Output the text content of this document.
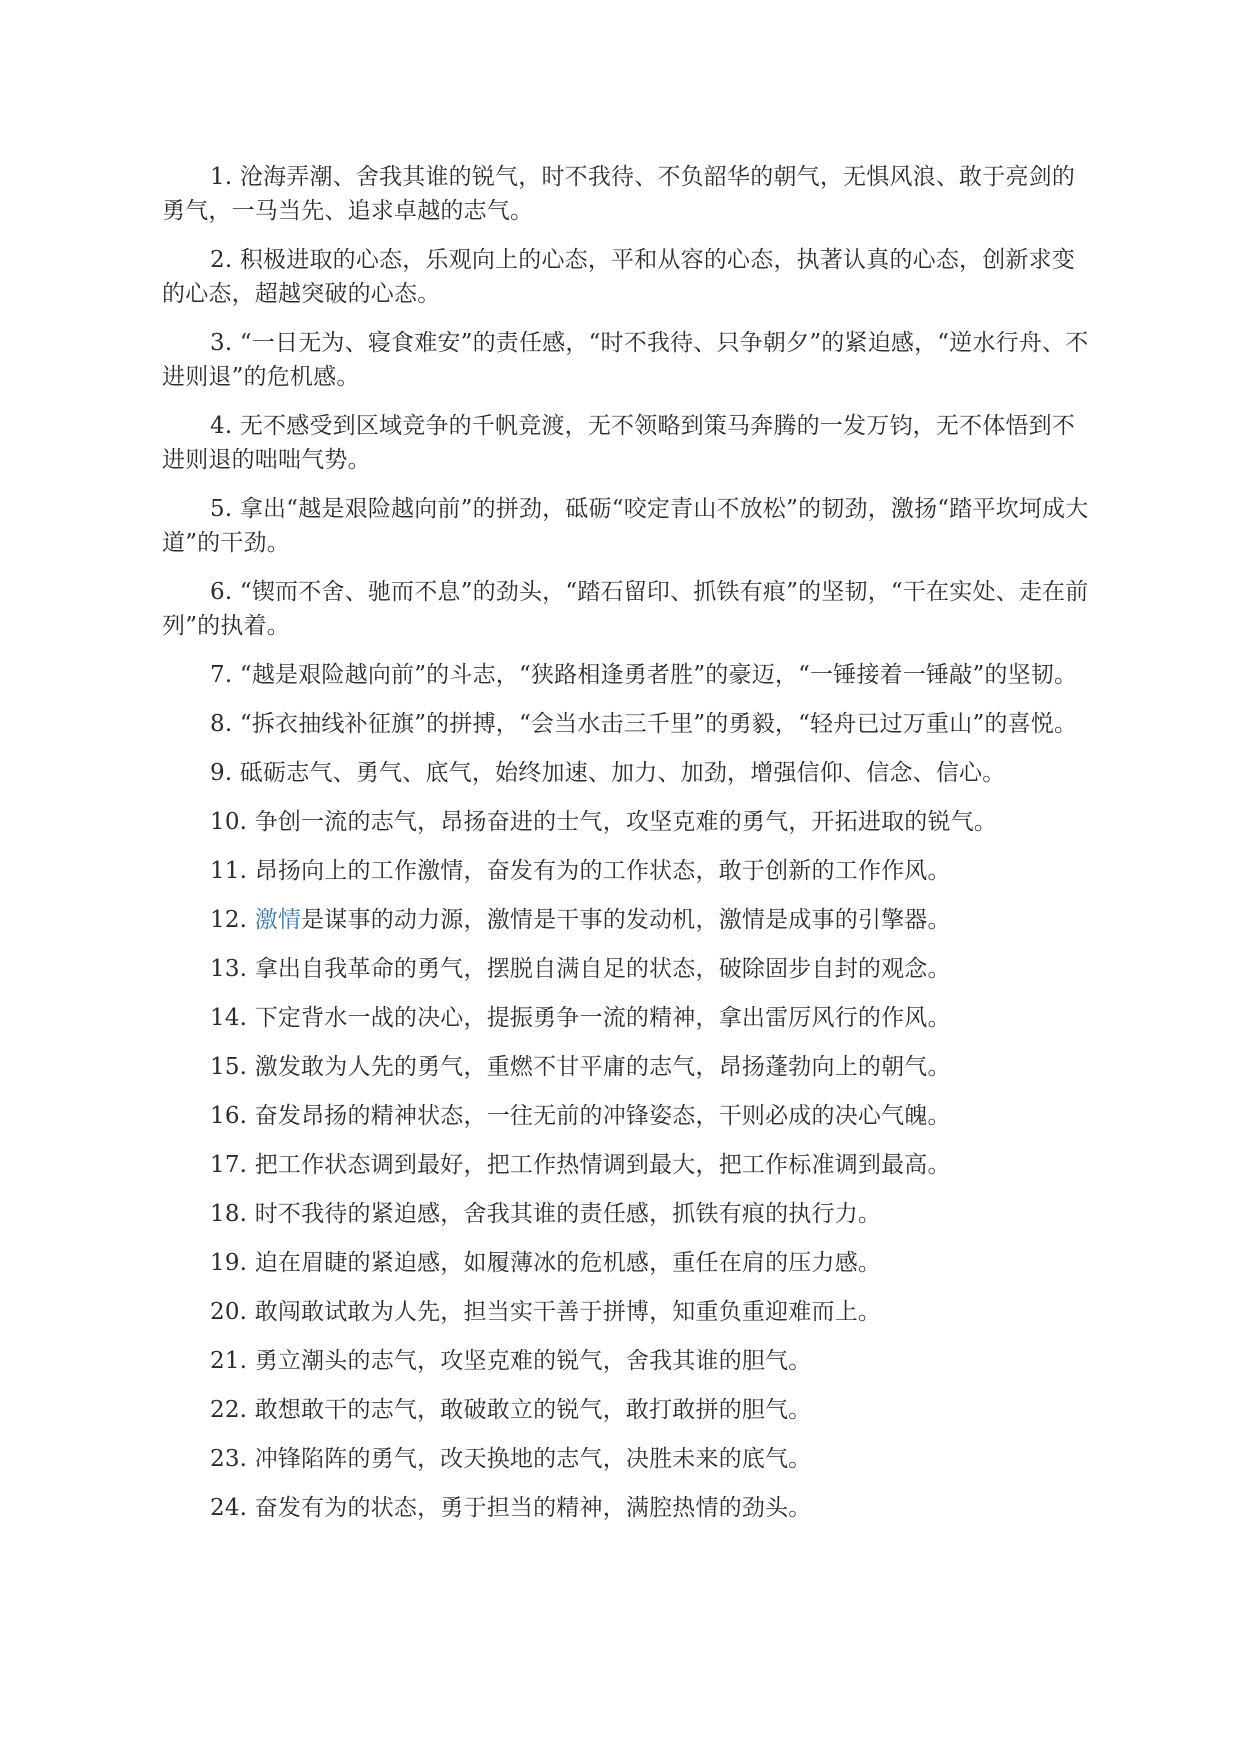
1. 沧海弄潮、舍我其谁的锐气，时不我待、不负韶华的朝气，无惧风浪、敢于亮剑的勇气，一马当先、追求卓越的志气。

2. 积极进取的心态，乐观向上的心态，平和从容的心态，执著认真的心态，创新求变的心态，超越突破的心态。

3. “一日无为、寝食难安”的责任感，“时不我待、只争朝夕”的紧迫感，“逆水行舟、不进则退”的危机感。

4. 无不感受到区域竞争的千帆竞渡，无不领略到策马奔腾的一发万钧，无不体悟到不进则退的咄咄气势。

5. 拿出“越是艰险越向前”的拼劲，砥砺“咬定青山不放松”的韧劲，激扬“踏平坎坷成大道”的干劲。

6. “锲而不舍、驰而不息”的劲头，“踏石留印、抓铁有痕”的坚韧，“干在实处、走在前列”的执着。

7. “越是艰险越向前”的斗志，“狭路相逢勇者胜”的豪迈，“一锤接着一锤敲”的坚韧。

8. “拆衣抽线补征旗”的拼搏，“会当水击三千里”的勇毅，“轻舟已过万重山”的喜悦。

9. 砥砺志气、勇气、底气，始终加速、加力、加劲，增强信仰、信念、信心。

10. 争创一流的志气，昂扬奋进的士气，攻坚克难的勇气，开拓进取的锐气。

11. 昂扬向上的工作激情，奋发有为的工作状态，敢于创新的工作作风。

12. 激情是谋事的动力源，激情是干事的发动机，激情是成事的引擎器。

13. 拿出自我革命的勇气，摆脱自满自足的状态，破除固步自封的观念。

14. 下定背水一战的决心，提振勇争一流的精神，拿出雷厉风行的作风。

15. 激发敢为人先的勇气，重燃不甘平庸的志气，昂扬蓬勃向上的朝气。

16. 奋发昂扬的精神状态，一往无前的冲锋姿态，干则必成的决心气魄。

17. 把工作状态调到最好，把工作热情调到最大，把工作标准调到最高。

18. 时不我待的紧迫感，舍我其谁的责任感，抓铁有痕的执行力。

19. 迫在眉睫的紧迫感，如履薄冰的危机感，重任在肩的压力感。

20. 敢闯敢试敢为人先，担当实干善于拼博，知重负重迎难而上。

21. 勇立潮头的志气，攻坚克难的锐气，舍我其谁的胆气。

22. 敢想敢干的志气，敢破敢立的锐气，敢打敢拼的胆气。

23. 冲锋陷阵的勇气，改天换地的志气，决胜未来的底气。

24. 奋发有为的状态，勇于担当的精神，满腔热情的劲头。
